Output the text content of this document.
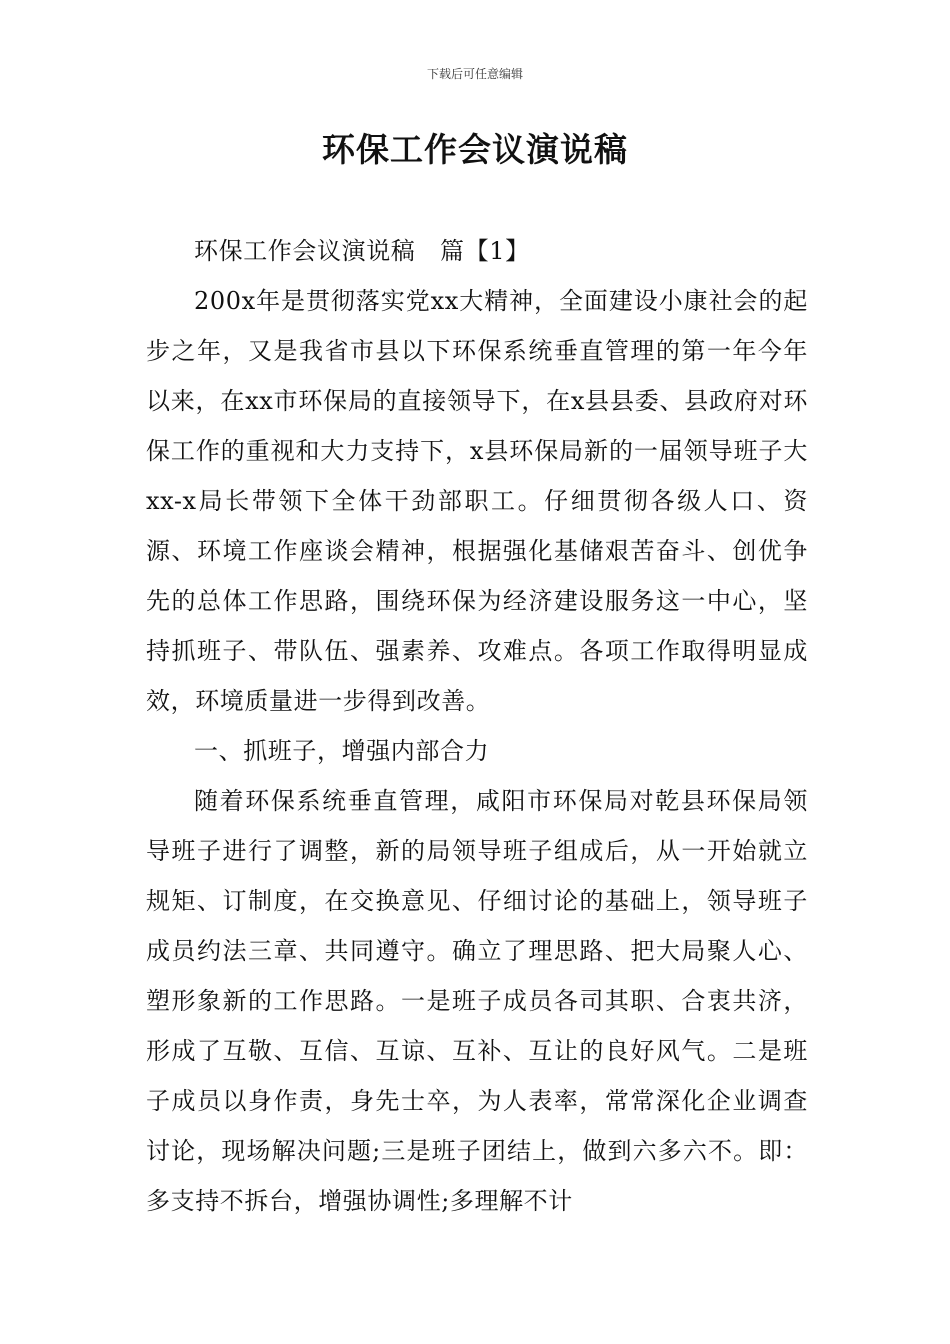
下载后可任意编辑
环保工作会议演说稿

环保工作会议演说稿　篇【1】

200x年是贯彻落实党xx大精神，全面建设小康社会的起步之年，又是我省市县以下环保系统垂直管理的第一年今年以来，在xx市环保局的直接领导下，在x县县委、县政府对环保工作的重视和大力支持下，x县环保局新的一届领导班子大xx-x局长带领下全体干劲部职工。仔细贯彻各级人口、资源、环境工作座谈会精神，根据强化基储艰苦奋斗、创优争先的总体工作思路，围绕环保为经济建设服务这一中心，坚持抓班子、带队伍、强素养、攻难点。各项工作取得明显成效，环境质量进一步得到改善。

一、抓班子，增强内部合力

随着环保系统垂直管理，咸阳市环保局对乾县环保局领导班子进行了调整，新的局领导班子组成后，从一开始就立规矩、订制度，在交换意见、仔细讨论的基础上，领导班子成员约法三章、共同遵守。确立了理思路、把大局聚人心、塑形象新的工作思路。一是班子成员各司其职、合衷共济，形成了互敬、互信、互谅、互补、互让的良好风气。二是班子成员以身作责，身先士卒，为人表率，常常深化企业调查讨论，现场解决问题;三是班子团结上，做到六多六不。即：多支持不拆台，增强协调性;多理解不计
